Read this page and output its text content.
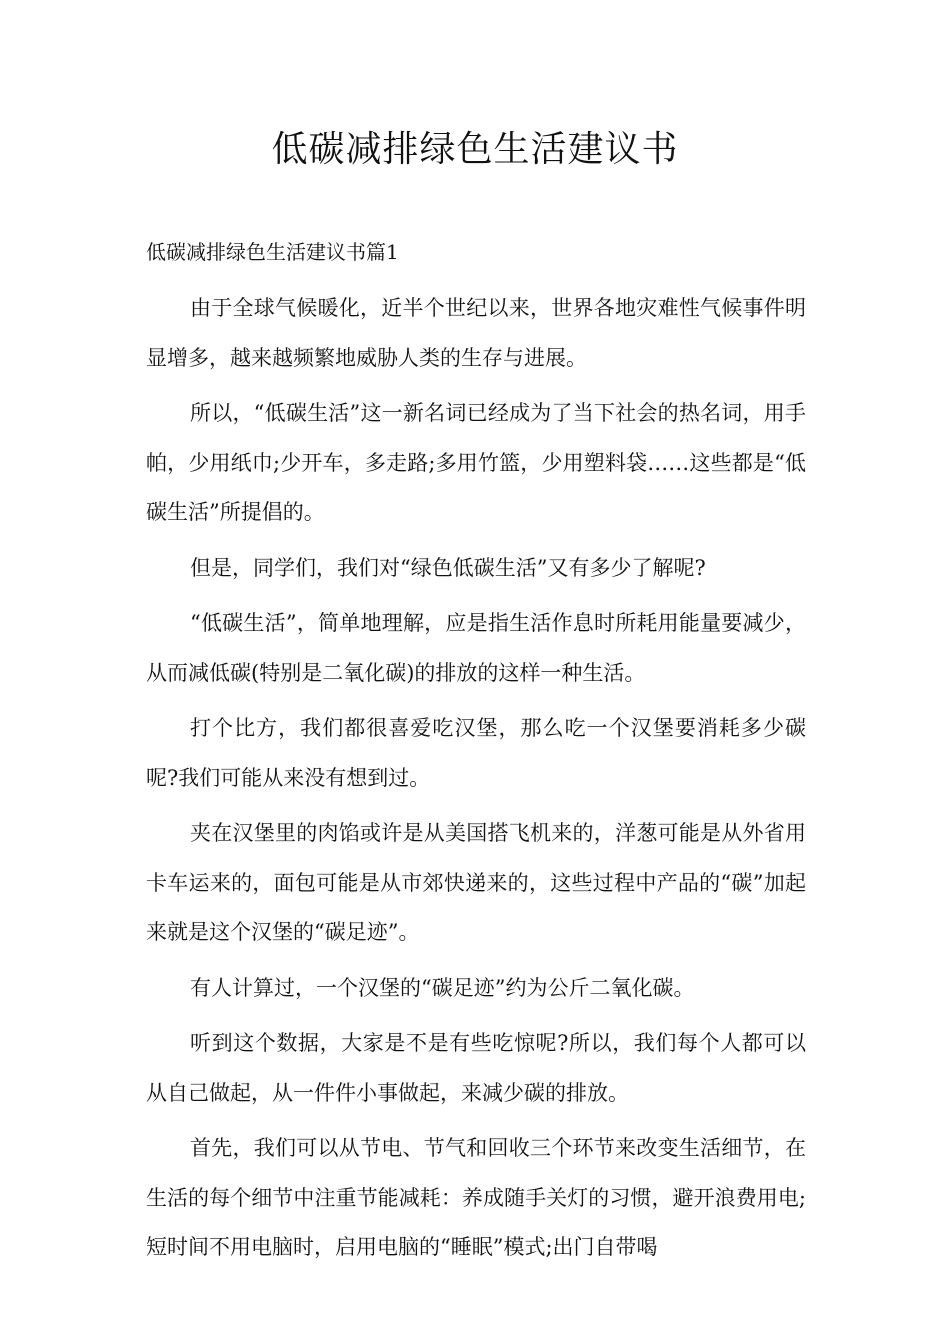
低碳减排绿色生活建议书

低碳减排绿色生活建议书篇1

由于全球气候暖化，近半个世纪以来，世界各地灾难性气候事件明显增多，越来越频繁地威胁人类的生存与进展。

所以，“低碳生活”这一新名词已经成为了当下社会的热名词，用手帕，少用纸巾;少开车，多走路;多用竹篮，少用塑料袋……这些都是“低碳生活”所提倡的。

但是，同学们，我们对“绿色低碳生活”又有多少了解呢?

“低碳生活”，简单地理解，应是指生活作息时所耗用能量要减少，从而减低碳(特别是二氧化碳)的排放的这样一种生活。

打个比方，我们都很喜爱吃汉堡，那么吃一个汉堡要消耗多少碳呢?我们可能从来没有想到过。

夹在汉堡里的肉馅或许是从美国搭飞机来的，洋葱可能是从外省用卡车运来的，面包可能是从市郊快递来的，这些过程中产品的“碳”加起来就是这个汉堡的“碳足迹”。

有人计算过，一个汉堡的“碳足迹”约为公斤二氧化碳。

听到这个数据，大家是不是有些吃惊呢?所以，我们每个人都可以从自己做起，从一件件小事做起，来减少碳的排放。

首先，我们可以从节电、节气和回收三个环节来改变生活细节，在生活的每个细节中注重节能减耗：养成随手关灯的习惯，避开浪费用电;短时间不用电脑时，启用电脑的“睡眠”模式;出门自带喝
